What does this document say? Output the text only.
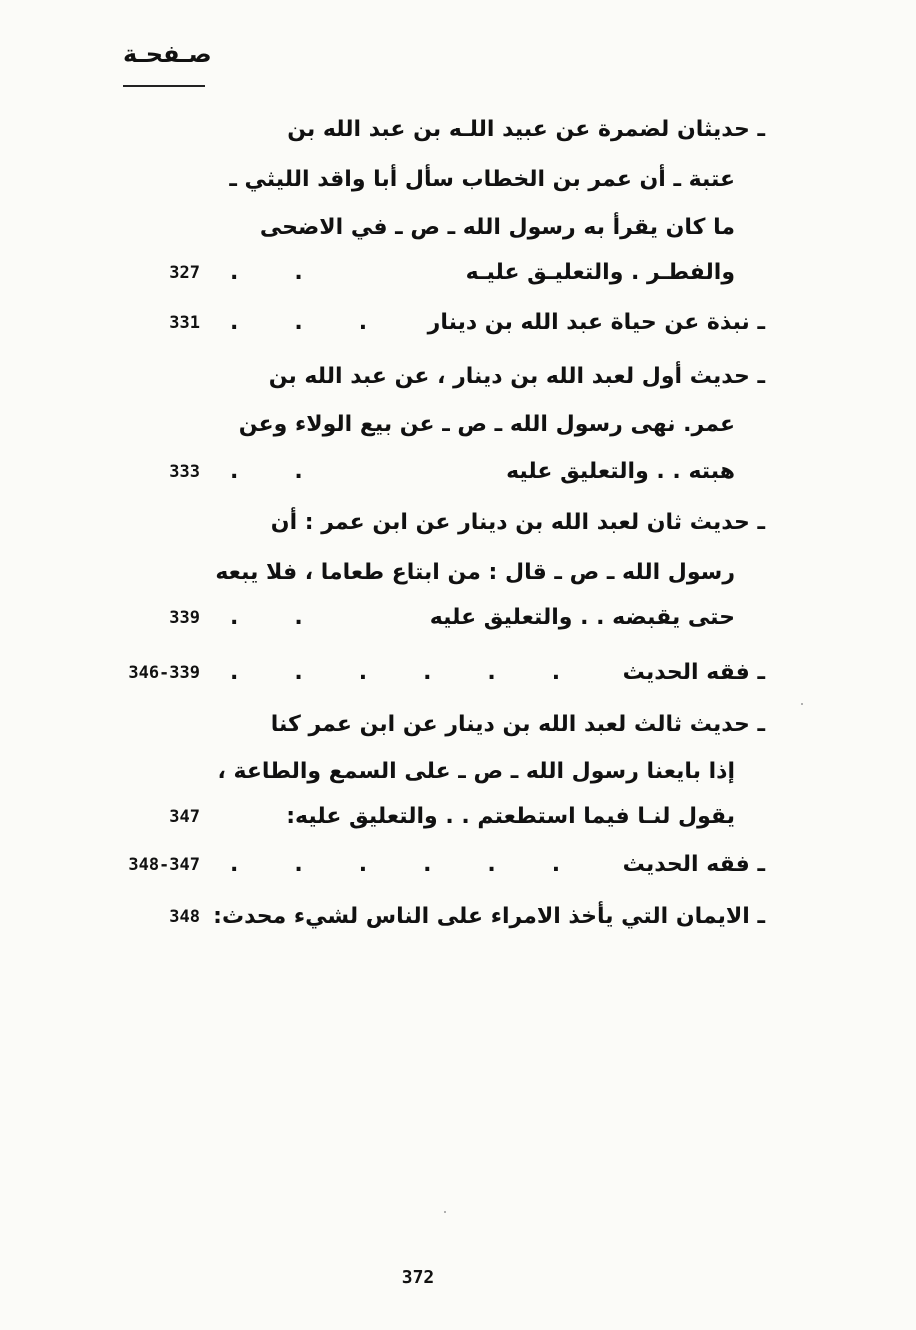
صـفحـة
ـ حديثان لضمرة عن عبيد اللـه بن عبد الله بن
عتبة ـ أن عمر بن الخطاب سأل أبا واقد الليثي ـ
ما كان يقرأ به رسول الله ـ ص ـ في الاضحى
والفطـر . والتعليـق عليـه
..
327
ـ نبذة عن حياة عبد الله بن دينار
...
331
ـ حديث أول لعبد الله بن دينار ، عن عبد الله بن
عمر. نهى رسول الله ـ ص ـ عن بيع الولاء وعن
هبته . . والتعليق عليه
..
333
ـ حديث ثان لعبد الله بن دينار عن ابن عمر : أن
رسول الله ـ ص ـ قال : من ابتاع طعاما ، فلا يبعه
حتى يقبضه . . والتعليق عليه
..
339
ـ فقه الحديث
......
346-339
ـ حديث ثالث لعبد الله بن دينار عن ابن عمر كنا
إذا بايعنا رسول الله ـ ص ـ على السمع والطاعة ،
يقول لنـا فيما استطعتم . . والتعليق عليه:
347
ـ فقه الحديث
......
348-347
ـ الايمان التي يأخذ الامراء على الناس لشيء محدث:
348
372
